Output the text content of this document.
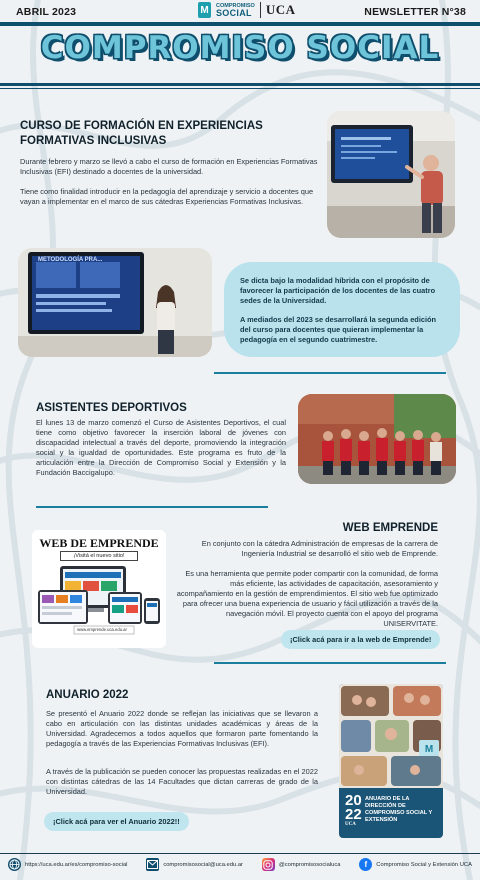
ABRIL 2023	M	COMPROMISO
SOCIAL UCA	NEWSLETTER N°38
COMPROMISO SOCIAL
CURSO DE FORMACIÓN EN EXPERIENCIAS FORMATIVAS INCLUSIVAS
Durante febrero y marzo se llevó a cabo el curso de formación en Experiencias Formativas Inclusivas (EFI) destinado a docentes de la universidad.
Tiene como finalidad introducir en la pedagogía del aprendizaje y servicio a docentes que vayan a implementar en el marco de sus cátedras Experiencias Formativas Inclusivas.
METODOLOGÍA PRA...
Se dicta bajo la modalidad híbrida con el propósito de favorecer la participación de los docentes de las cuatro sedes de la Universidad.
A mediados del 2023 se desarrollará la segunda edición del curso para docentes que quieran implementar la pedagogía en el segundo cuatrimestre.
ASISTENTES DEPORTIVOS
El lunes 13 de marzo comenzó el Curso de Asistentes Deportivos, el cual tiene como objetivo favorecer la inserción laboral de jóvenes con discapacidad intelectual a través del deporte, promoviendo la integración social y la igualdad de oportunidades. Este programa es fruto de la articulación entre la Dirección de Compromiso Social y Extensión y la Fundación Baccigalupo.
WEB DE EMPRENDE
¡Visitá el nuevo sitio!
www.emprende.uca.edu.ar
WEB EMPRENDE
En conjunto con la cátedra Administración de empresas de la carrera de Ingeniería Industrial se desarrolló el sitio web de Emprende.
Es una herramienta que permite poder compartir con la comunidad, de forma más eficiente, las actividades de capacitación, asesoramiento y acompañamiento en la gestión de emprendimientos. El sitio web fue optimizado para ofrecer una buena experiencia de usuario y fácil utilización a través de la navegación móvil. El proyecto cuenta con el apoyo del programa UNISERVITATE.
¡Click acá para ir a la web de Emprende!
ANUARIO 2022
Se presentó el Anuario 2022 donde se reflejan las iniciativas que se llevaron a cabo en articulación con las distintas unidades académicas y áreas de la Universidad. Agradecemos a todos aquellos que formaron parte fomentando la pedagogía a través de las Experiencias Formativas Inclusivas (EFI).
A través de la publicación se pueden conocer las propuestas realizadas en el 2022 con distintas cátedras de las 14 Facultades que dictan carreras de grado de la Universidad.
¡Click acá para ver el Anuario 2022!!
M
20
22
UCA
ANUARIO DE LA DIRECCIÓN DE COMPROMISO SOCIAL Y EXTENSIÓN
https://uca.edu.ar/es/compromiso-social	compromisosocial@uca.edu.ar	@compromisosocialuca	f	Compromiso Social y Extensión UCA
